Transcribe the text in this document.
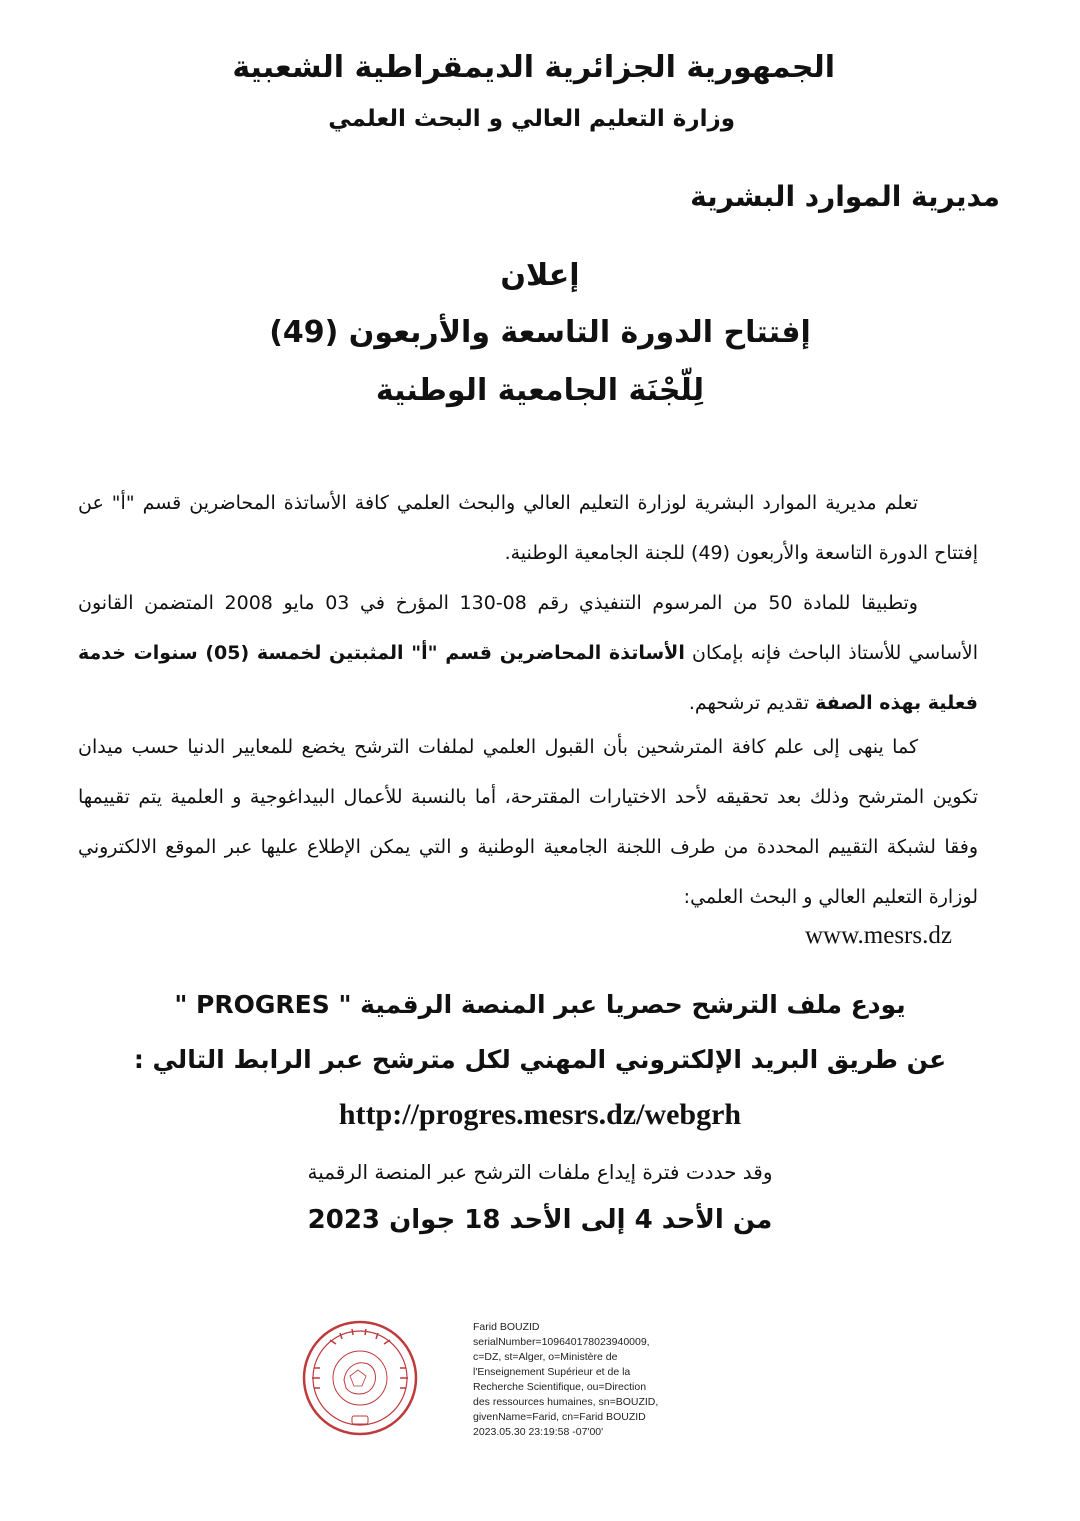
الجمهورية الجزائرية الديمقراطية الشعبية
وزارة التعليم العالي و البحث العلمي
مديرية الموارد البشرية
إعلان
إفتتاح الدورة التاسعة والأربعون (49)
لِلّجْنَة الجامعية الوطنية
تعلم مديرية الموارد البشرية لوزارة التعليم العالي والبحث العلمي كافة الأساتذة المحاضرين قسم "أ" عن إفتتاح الدورة التاسعة والأربعون (49) للجنة الجامعية الوطنية.
وتطبيقا للمادة 50 من المرسوم التنفيذي رقم 08-130 المؤرخ في 03 مايو 2008 المتضمن القانون الأساسي للأستاذ الباحث فإنه بإمكان الأساتذة المحاضرين قسم "أ" المثبتين لخمسة (05) سنوات خدمة فعلية بهذه الصفة تقديم ترشحهم.
كما ينهى إلى علم كافة المترشحين بأن القبول العلمي لملفات الترشح يخضع للمعايير الدنيا حسب ميدان تكوين المترشح وذلك بعد تحقيقه لأحد الاختيارات المقترحة، أما بالنسبة للأعمال البيداغوجية و العلمية يتم تقييمها وفقا لشبكة التقييم المحددة من طرف اللجنة الجامعية الوطنية و التي يمكن الإطلاع عليها عبر الموقع الالكتروني لوزارة التعليم العالي و البحث العلمي:
www.mesrs.dz
يودع ملف الترشح حصريا عبر المنصة الرقمية " PROGRES "
عن طريق البريد الإلكتروني المهني لكل مترشح عبر الرابط التالي :
http://progres.mesrs.dz/webgrh
وقد حددت فترة إيداع ملفات الترشح عبر المنصة الرقمية
من الأحد 4 إلى الأحد 18 جوان 2023
Farid BOUZID
serialNumber=109640178023940009,
c=DZ, st=Alger, o=Ministère de
l'Enseignement Supérieur et de la
Recherche Scientifique, ou=Direction
des ressources humaines, sn=BOUZID,
givenName=Farid, cn=Farid BOUZID
2023.05.30 23:19:58 -07'00'
